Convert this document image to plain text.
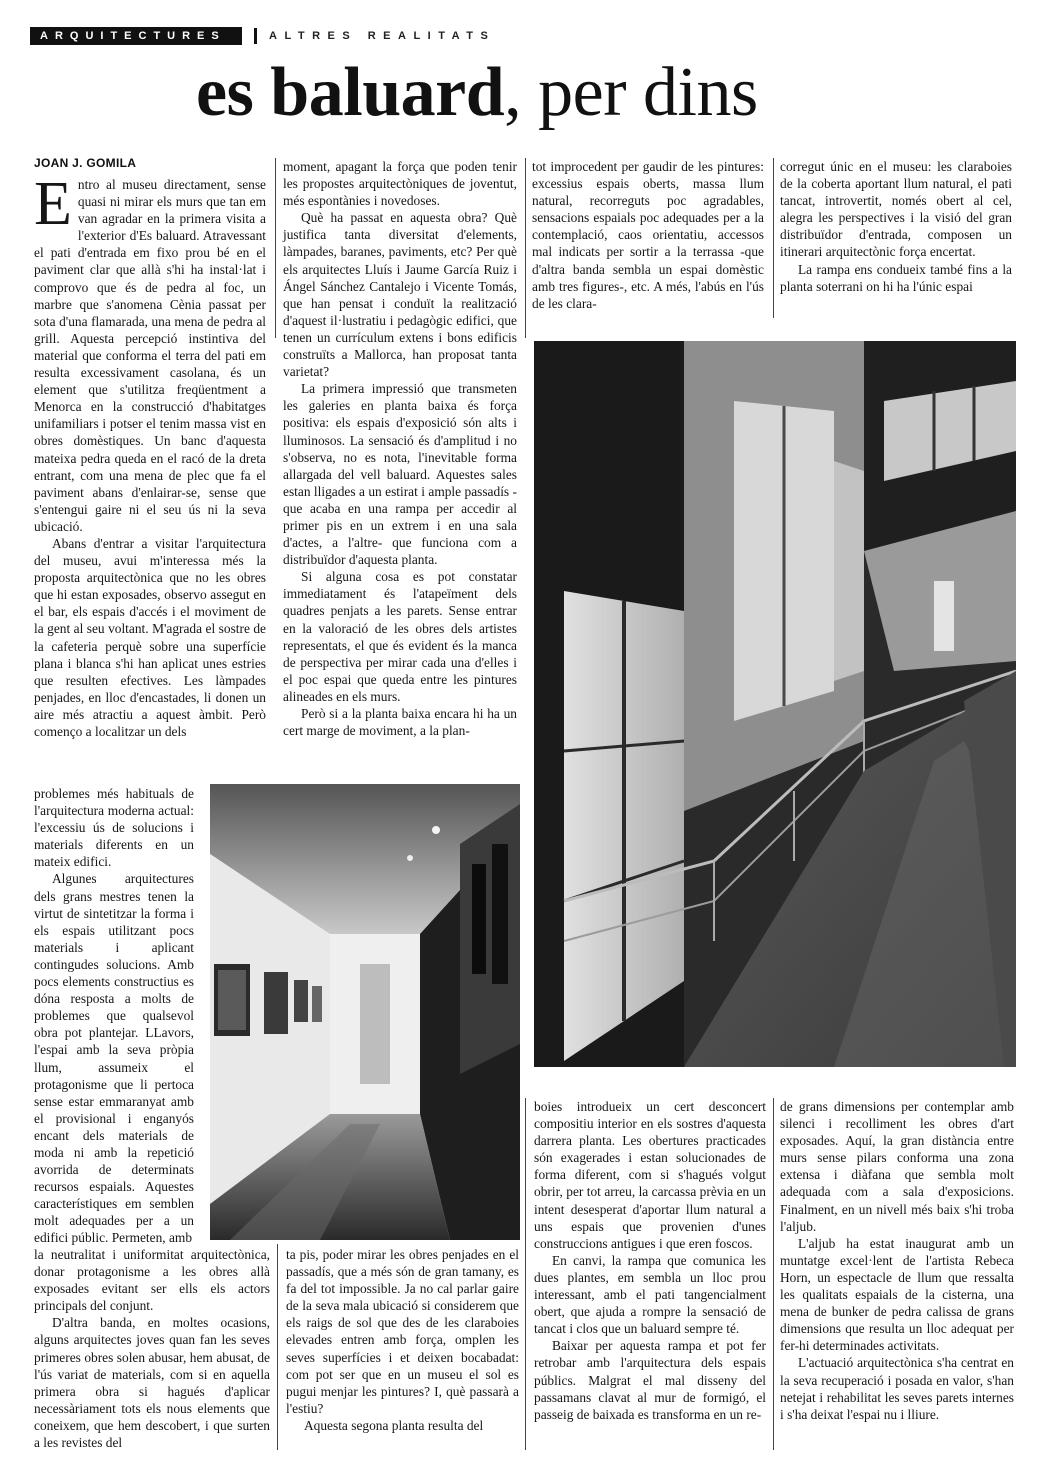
ARQUITECTURES	ALTRES REALITATS
es baluard, per dins
JOAN J. GOMILA

Entro al museu directament, sense quasi ni mirar els murs que tan em van agradar en la primera visita a l'exterior d'Es baluard. Atravessant el pati d'entrada em fixo prou bé en el paviment clar que allà s'hi ha instal·lat i comprovo que és de pedra al foc, un marbre que s'anomena Cènia passat per sota d'una flamarada, una mena de pedra al grill. Aquesta percepció instintiva del material que conforma el terra del pati em resulta excessivament casolana, és un element que s'utilitza freqüentment a Menorca en la construcció d'habitatges unifamiliars i potser el tenim massa vist en obres domèstiques. Un banc d'aquesta mateixa pedra queda en el racó de la dreta entrant, com una mena de plec que fa el paviment abans d'enlairar-se, sense que s'entengui gaire ni el seu ús ni la seva ubicació.

Abans d'entrar a visitar l'arquitectura del museu, avui m'interessa més la proposta arquitectònica que no les obres que hi estan exposades, observo assegut en el bar, els espais d'accés i el moviment de la gent al seu voltant. M'agrada el sostre de la cafeteria perquè sobre una superfície plana i blanca s'hi han aplicat unes estries que resulten efectives. Les làmpades penjades, en lloc d'encastades, li donen un aire més atractiu a aquest àmbit. Però començo a localitzar un dels

problemes més habituals de l'arquitectura moderna actual: l'excessiu ús de solucions i materials diferents en un mateix edifici.

Algunes arquitectures dels grans mestres tenen la virtut de sintetitzar la forma i els espais utilitzant pocs materials i aplicant contingudes solucions. Amb pocs elements constructius es dóna resposta a molts de problemes que qualsevol obra pot plantejar. LLavors, l'espai amb la seva pròpia llum, assumeix el protagonisme que li pertoca sense estar emmaranyat amb el provisional i enganyós encant dels materials de moda ni amb la repetició avorrida de determinats recursos espaials. Aquestes característiques em semblen molt adequades per a un edifici públic. Permeten, amb

la neutralitat i uniformitat arquitectònica, donar protagonisme a les obres allà exposades evitant ser ells els actors principals del conjunt.

D'altra banda, en moltes ocasions, alguns arquitectes joves quan fan les seves primeres obres solen abusar, hem abusat, de l'ús variat de materials, com si en aquella primera obra si hagués d'aplicar necessàriament tots els nous elements que coneixem, que hem descobert, i que surten a les revistes del

moment, apagant la força que poden tenir les propostes arquitectòniques de joventut, més espontànies i novedoses.

Què ha passat en aquesta obra? Què justifica tanta diversitat d'elements, làmpades, baranes, paviments, etc? Per què els arquitectes Lluís i Jaume García Ruiz i Ángel Sánchez Cantalejo i Vicente Tomás, que han pensat i conduït la realització d'aquest il·lustratiu i pedagògic edifici, que tenen un currículum extens i bons edificis construïts a Mallorca, han proposat tanta varietat?

La primera impressió que transmeten les galeries en planta baixa és força positiva: els espais d'exposició són alts i lluminosos. La sensació és d'amplitud i no s'observa, no es nota, l'inevitable forma allargada del vell baluard. Aquestes sales estan lligades a un estirat i ample passadís -que acaba en una rampa per accedir al primer pis en un extrem i en una sala d'actes, a l'altre- que funciona com a distribuïdor d'aquesta planta.

Si alguna cosa es pot constatar immediatament és l'atapeïment dels quadres penjats a les parets. Sense entrar en la valoració de les obres dels artistes representats, el que és evident és la manca de perspectiva per mirar cada una d'elles i el poc espai que queda entre les pintures alineades en els murs.

Però si a la planta baixa encara hi ha un cert marge de moviment, a la plan-

ta pis, poder mirar les obres penjades en el passadís, que a més són de gran tamany, es fa del tot impossible. Ja no cal parlar gaire de la seva mala ubicació si considerem que els raigs de sol que des de les claraboies elevades entren amb força, omplen les seves superfícies i et deixen bocabadat: com pot ser que en un museu el sol es pugui menjar les pintures? I, què passarà a l'estiu?

Aquesta segona planta resulta del

tot improcedent per gaudir de les pintures: excessius espais oberts, massa llum natural, recorreguts poc agradables, sensacions espaials poc adequades per a la contemplació, caos orientatiu, accessos mal indicats per sortir a la terrassa -que d'altra banda sembla un espai domèstic amb tres figures-, etc. A més, l'abús en l'ús de les clara-

boies introdueix un cert desconcert compositiu interior en els sostres d'aquesta darrera planta. Les obertures practicades són exagerades i estan solucionades de forma diferent, com si s'hagués volgut obrir, per tot arreu, la carcassa prèvia en un intent desesperat d'aportar llum natural a uns espais que provenien d'unes construccions antigues i que eren foscos.

En canvi, la rampa que comunica les dues plantes, em sembla un lloc prou interessant, amb el pati tangencialment obert, que ajuda a rompre la sensació de tancat i clos que un baluard sempre té.

Baixar per aquesta rampa et pot fer retrobar amb l'arquitectura dels espais públics. Malgrat el mal disseny del passamans clavat al mur de formigó, el passeig de baixada es transforma en un re-

corregut únic en el museu: les claraboies de la coberta aportant llum natural, el pati tancat, introvertit, només obert al cel, alegra les perspectives i la visió del gran distribuïdor d'entrada, composen un itinerari arquitectònic força encertat.

La rampa ens condueix també fins a la planta soterrani on hi ha l'únic espai

de grans dimensions per contemplar amb silenci i recolliment les obres d'art exposades. Aquí, la gran distància entre murs sense pilars conforma una zona extensa i diàfana que sembla molt adequada com a sala d'exposicions. Finalment, en un nivell més baix s'hi troba l'aljub.

L'aljub ha estat inaugurat amb un muntatge excel·lent de l'artista Rebeca Horn, un espectacle de llum que ressalta les qualitats espaials de la cisterna, una mena de bunker de pedra calissa de grans dimensions que resulta un lloc adequat per fer-hi determinades activitats.

L'actuació arquitectònica s'ha centrat en la seva recuperació i posada en valor, s'han netejat i rehabilitat les seves parets internes i s'ha deixat l'espai nu i lliure.
